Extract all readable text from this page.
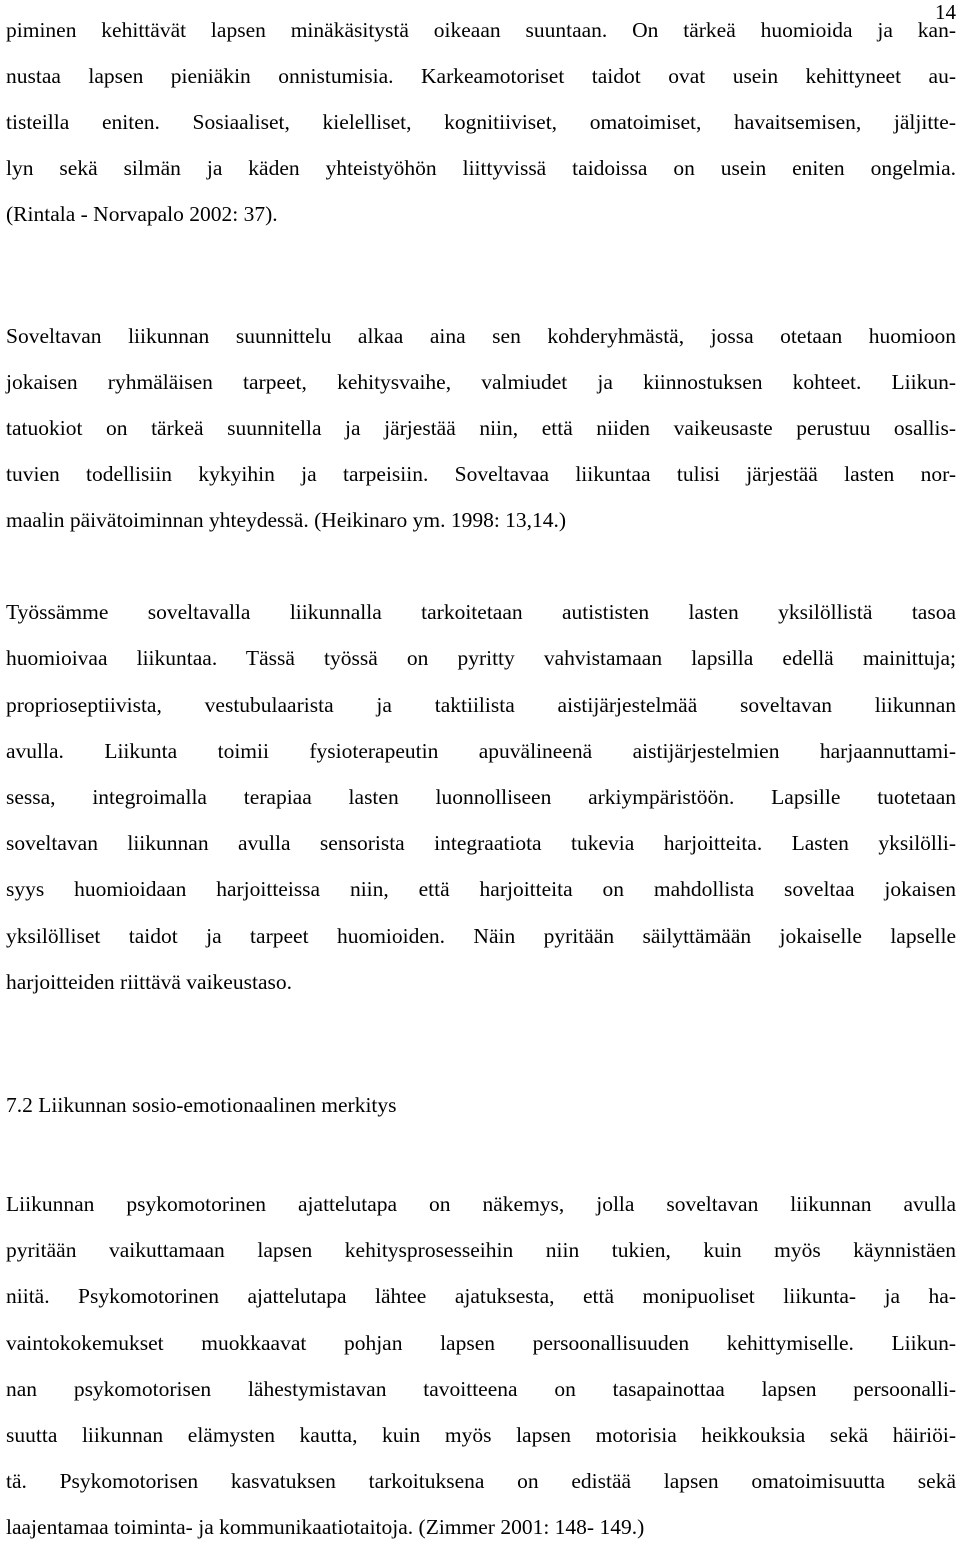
14
piminen kehittävät lapsen minäkäsitystä oikeaan suuntaan. On tärkeä huomioida ja kan-
nustaa lapsen pieniäkin onnistumisia. Karkeamotoriset taidot ovat usein kehittyneet au-
tisteilla eniten. Sosiaaliset, kielelliset, kognitiiviset, omatoimiset, havaitsemisen, jäljitte-
lyn sekä silmän ja käden yhteistyöhön liittyvissä taidoissa on usein eniten ongelmia.
(Rintala - Norvapalo 2002: 37).
Soveltavan liikunnan suunnittelu alkaa aina sen kohderyhmästä, jossa otetaan huomioon
jokaisen ryhmäläisen tarpeet, kehitysvaihe, valmiudet ja kiinnostuksen kohteet. Liikun-
tatuokiot on tärkeä suunnitella ja järjestää niin, että niiden vaikeusaste perustuu osallis-
tuvien todellisiin kykyihin ja tarpeisiin. Soveltavaa liikuntaa tulisi järjestää lasten nor-
maalin päivätoiminnan yhteydessä. (Heikinaro ym. 1998: 13,14.)
Työssämme soveltavalla liikunnalla tarkoitetaan autististen lasten yksilöllistä tasoa
huomioivaa liikuntaa. Tässä työssä on pyritty vahvistamaan lapsilla edellä mainittuja;
proprioseptiivista, vestubulaarista ja taktiilista aistijärjestelmää soveltavan liikunnan
avulla. Liikunta toimii fysioterapeutin apuvälineenä aistijärjestelmien harjaannuttami-
sessa, integroimalla terapiaa lasten luonnolliseen arkiympäristöön. Lapsille tuotetaan
soveltavan liikunnan avulla sensorista integraatiota tukevia harjoitteita. Lasten yksilölli-
syys huomioidaan harjoitteissa niin, että harjoitteita on mahdollista soveltaa jokaisen
yksilölliset taidot ja tarpeet huomioiden. Näin pyritään säilyttämään jokaiselle lapselle
harjoitteiden riittävä vaikeustaso.
7.2 Liikunnan sosio-emotionaalinen merkitys
Liikunnan psykomotorinen ajattelutapa on näkemys, jolla soveltavan liikunnan avulla
pyritään vaikuttamaan lapsen kehitysprosesseihin niin tukien, kuin myös käynnistäen
niitä. Psykomotorinen ajattelutapa lähtee ajatuksesta, että monipuoliset liikunta- ja ha-
vaintokokemukset muokkaavat pohjan lapsen persoonallisuuden kehittymiselle. Liikun-
nan psykomotorisen lähestymistavan tavoitteena on tasapainottaa lapsen persoonalli-
suutta liikunnan elämysten kautta, kuin myös lapsen motorisia heikkouksia sekä häiriöi-
tä. Psykomotorisen kasvatuksen tarkoituksena on edistää lapsen omatoimisuutta sekä
laajentamaa toiminta- ja kommunikaatiotaitoja. (Zimmer 2001: 148- 149.)
